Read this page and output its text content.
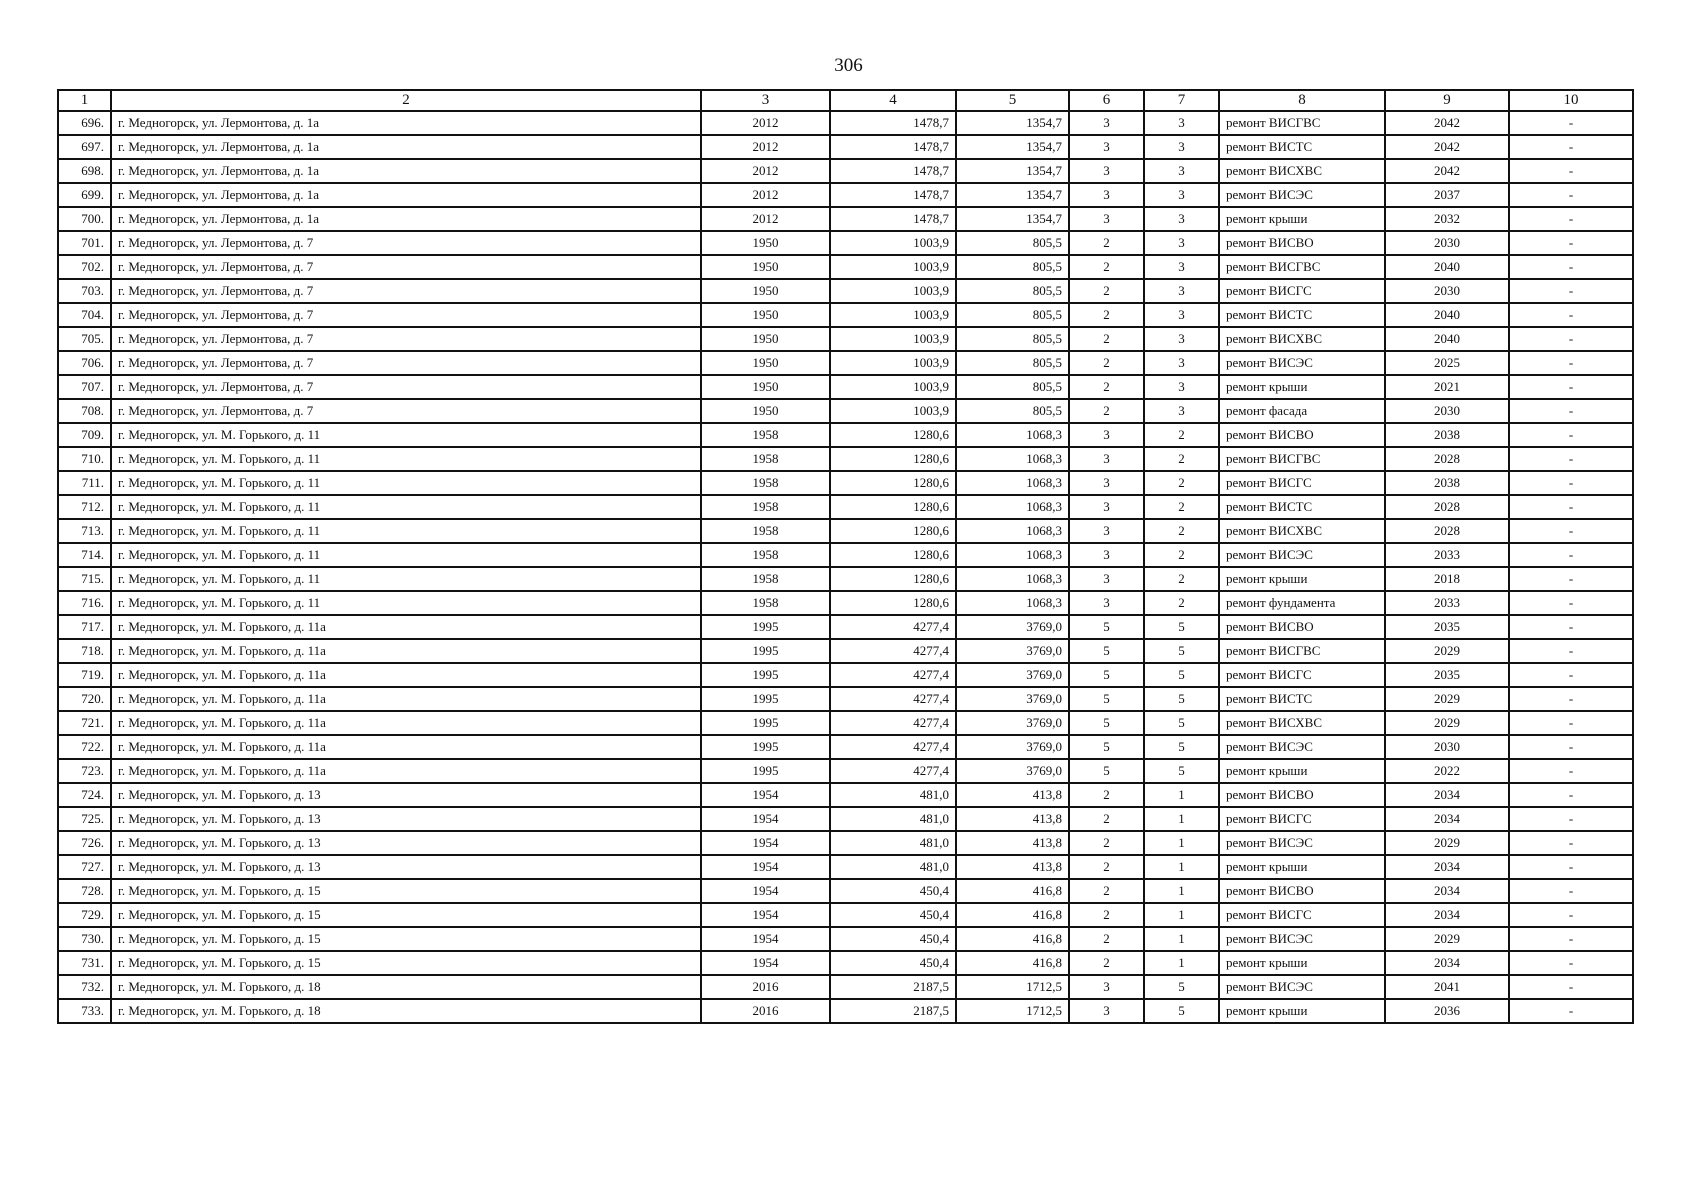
306
1	2	3	4	5	6	7	8	9	10
696.	г. Медногорск, ул. Лермонтова, д. 1а	2012	1478,7	1354,7	3	3	ремонт ВИСГВС	2042	-
697.	г. Медногорск, ул. Лермонтова, д. 1а	2012	1478,7	1354,7	3	3	ремонт ВИСТС	2042	-
698.	г. Медногорск, ул. Лермонтова, д. 1а	2012	1478,7	1354,7	3	3	ремонт ВИСХВС	2042	-
699.	г. Медногорск, ул. Лермонтова, д. 1а	2012	1478,7	1354,7	3	3	ремонт ВИСЭС	2037	-
700.	г. Медногорск, ул. Лермонтова, д. 1а	2012	1478,7	1354,7	3	3	ремонт крыши	2032	-
701.	г. Медногорск, ул. Лермонтова, д. 7	1950	1003,9	805,5	2	3	ремонт ВИСВО	2030	-
702.	г. Медногорск, ул. Лермонтова, д. 7	1950	1003,9	805,5	2	3	ремонт ВИСГВС	2040	-
703.	г. Медногорск, ул. Лермонтова, д. 7	1950	1003,9	805,5	2	3	ремонт ВИСГС	2030	-
704.	г. Медногорск, ул. Лермонтова, д. 7	1950	1003,9	805,5	2	3	ремонт ВИСТС	2040	-
705.	г. Медногорск, ул. Лермонтова, д. 7	1950	1003,9	805,5	2	3	ремонт ВИСХВС	2040	-
706.	г. Медногорск, ул. Лермонтова, д. 7	1950	1003,9	805,5	2	3	ремонт ВИСЭС	2025	-
707.	г. Медногорск, ул. Лермонтова, д. 7	1950	1003,9	805,5	2	3	ремонт крыши	2021	-
708.	г. Медногорск, ул. Лермонтова, д. 7	1950	1003,9	805,5	2	3	ремонт фасада	2030	-
709.	г. Медногорск, ул. М. Горького, д. 11	1958	1280,6	1068,3	3	2	ремонт ВИСВО	2038	-
710.	г. Медногорск, ул. М. Горького, д. 11	1958	1280,6	1068,3	3	2	ремонт ВИСГВС	2028	-
711.	г. Медногорск, ул. М. Горького, д. 11	1958	1280,6	1068,3	3	2	ремонт ВИСГС	2038	-
712.	г. Медногорск, ул. М. Горького, д. 11	1958	1280,6	1068,3	3	2	ремонт ВИСТС	2028	-
713.	г. Медногорск, ул. М. Горького, д. 11	1958	1280,6	1068,3	3	2	ремонт ВИСХВС	2028	-
714.	г. Медногорск, ул. М. Горького, д. 11	1958	1280,6	1068,3	3	2	ремонт ВИСЭС	2033	-
715.	г. Медногорск, ул. М. Горького, д. 11	1958	1280,6	1068,3	3	2	ремонт крыши	2018	-
716.	г. Медногорск, ул. М. Горького, д. 11	1958	1280,6	1068,3	3	2	ремонт фундамента	2033	-
717.	г. Медногорск, ул. М. Горького, д. 11а	1995	4277,4	3769,0	5	5	ремонт ВИСВО	2035	-
718.	г. Медногорск, ул. М. Горького, д. 11а	1995	4277,4	3769,0	5	5	ремонт ВИСГВС	2029	-
719.	г. Медногорск, ул. М. Горького, д. 11а	1995	4277,4	3769,0	5	5	ремонт ВИСГС	2035	-
720.	г. Медногорск, ул. М. Горького, д. 11а	1995	4277,4	3769,0	5	5	ремонт ВИСТС	2029	-
721.	г. Медногорск, ул. М. Горького, д. 11а	1995	4277,4	3769,0	5	5	ремонт ВИСХВС	2029	-
722.	г. Медногорск, ул. М. Горького, д. 11а	1995	4277,4	3769,0	5	5	ремонт ВИСЭС	2030	-
723.	г. Медногорск, ул. М. Горького, д. 11а	1995	4277,4	3769,0	5	5	ремонт крыши	2022	-
724.	г. Медногорск, ул. М. Горького, д. 13	1954	481,0	413,8	2	1	ремонт ВИСВО	2034	-
725.	г. Медногорск, ул. М. Горького, д. 13	1954	481,0	413,8	2	1	ремонт ВИСГС	2034	-
726.	г. Медногорск, ул. М. Горького, д. 13	1954	481,0	413,8	2	1	ремонт ВИСЭС	2029	-
727.	г. Медногорск, ул. М. Горького, д. 13	1954	481,0	413,8	2	1	ремонт крыши	2034	-
728.	г. Медногорск, ул. М. Горького, д. 15	1954	450,4	416,8	2	1	ремонт ВИСВО	2034	-
729.	г. Медногорск, ул. М. Горького, д. 15	1954	450,4	416,8	2	1	ремонт ВИСГС	2034	-
730.	г. Медногорск, ул. М. Горького, д. 15	1954	450,4	416,8	2	1	ремонт ВИСЭС	2029	-
731.	г. Медногорск, ул. М. Горького, д. 15	1954	450,4	416,8	2	1	ремонт крыши	2034	-
732.	г. Медногорск, ул. М. Горького, д. 18	2016	2187,5	1712,5	3	5	ремонт ВИСЭС	2041	-
733.	г. Медногорск, ул. М. Горького, д. 18	2016	2187,5	1712,5	3	5	ремонт крыши	2036	-
